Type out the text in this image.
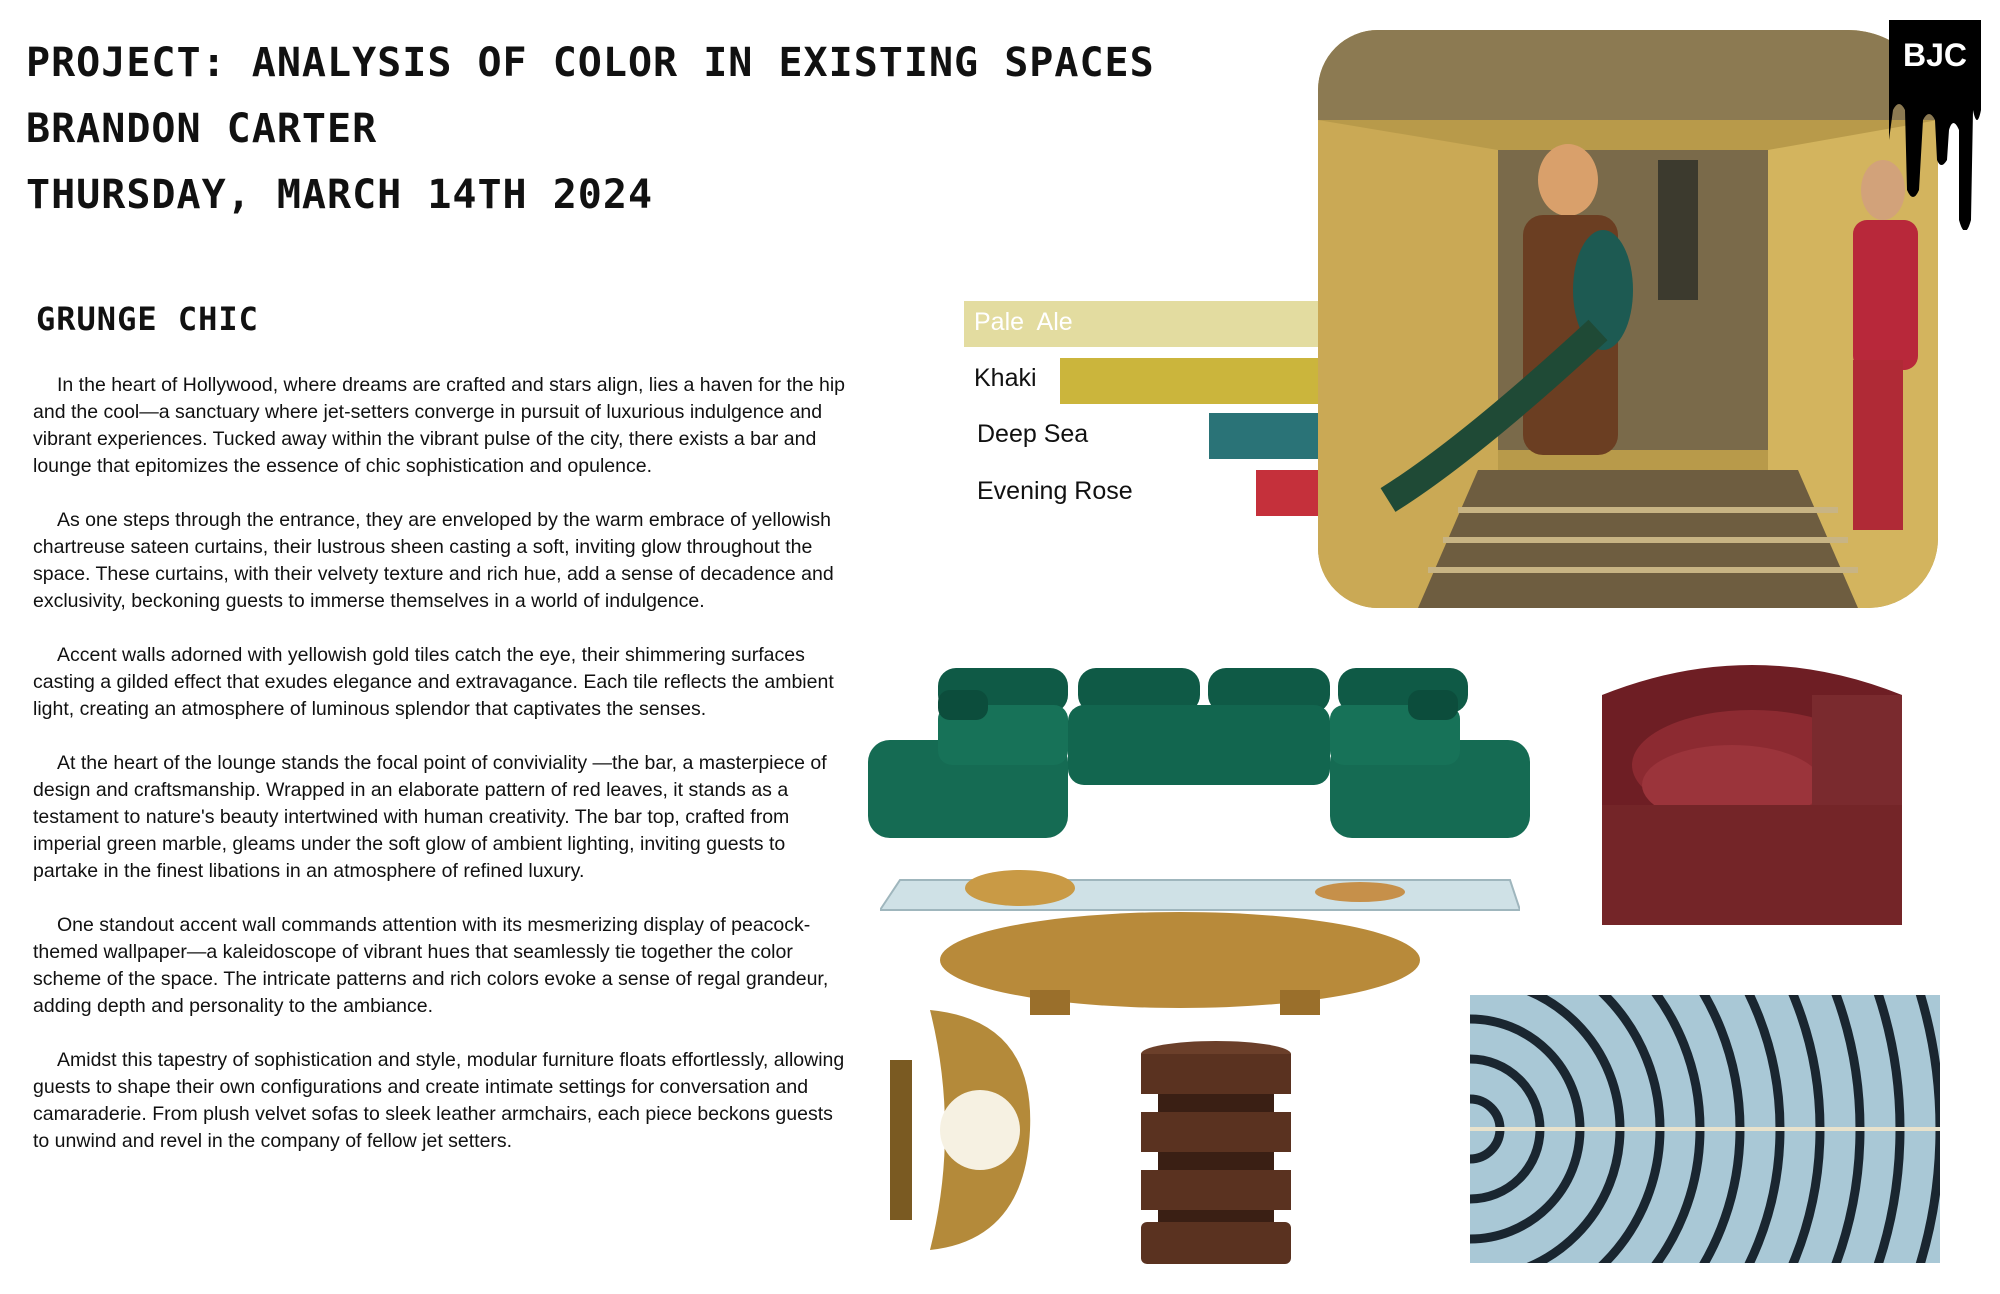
PROJECT: ANALYSIS OF COLOR IN EXISTING SPACES
BRANDON CARTER
THURSDAY, MARCH 14TH 2024
GRUNGE CHIC

In the heart of Hollywood, where dreams are crafted and stars align, lies a haven for the hip and the cool—a sanctuary where jet-setters converge in pursuit of luxurious indulgence and vibrant experiences. Tucked away within the vibrant pulse of the city, there exists a bar and lounge that epitomizes the essence of chic sophistication and opulence.

As one steps through the entrance, they are enveloped by the warm embrace of yellowish chartreuse sateen curtains, their lustrous sheen casting a soft, inviting glow throughout the space. These curtains, with their velvety texture and rich hue, add a sense of decadence and exclusivity, beckoning guests to immerse themselves in a world of indulgence.

Accent walls adorned with yellowish gold tiles catch the eye, their shimmering surfaces casting a gilded effect that exudes elegance and extravagance. Each tile reflects the ambient light, creating an atmosphere of luminous splendor that captivates the senses.

At the heart of the lounge stands the focal point of conviviality —the bar, a masterpiece of design and craftsmanship. Wrapped in an elaborate pattern of red leaves, it stands as a testament to nature's beauty intertwined with human creativity. The bar top, crafted from imperial green marble, gleams under the soft glow of ambient lighting, inviting guests to partake in the finest libations in an atmosphere of refined luxury.

One standout accent wall commands attention with its mesmerizing display of peacock-themed wallpaper—a kaleidoscope of vibrant hues that seamlessly tie together the color scheme of the space. The intricate patterns and rich colors evoke a sense of regal grandeur, adding depth and personality to the ambiance.

Amidst this tapestry of sophistication and style, modular furniture floats effortlessly, allowing guests to shape their own configurations and create intimate settings for conversation and camaraderie. From plush velvet sofas to sleek leather armchairs, each piece beckons guests to unwind and revel in the company of fellow jet setters.

Pale  Ale
Khaki
Deep Sea
Evening Rose
BJC
